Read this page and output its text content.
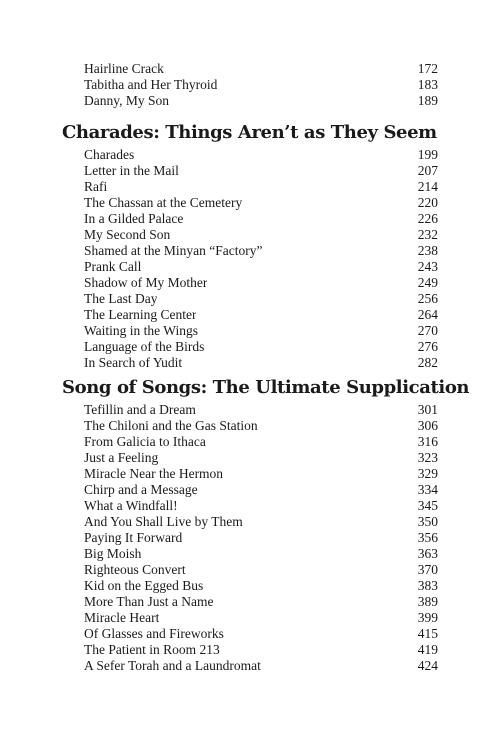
Hairline Crack	172
Tabitha and Her Thyroid	183
Danny, My Son	189
Charades: Things Aren’t as They Seem
Charades	199
Letter in the Mail	207
Rafi	214
The Chassan at the Cemetery	220
In a Gilded Palace	226
My Second Son	232
Shamed at the Minyan “Factory”	238
Prank Call	243
Shadow of My Mother	249
The Last Day	256
The Learning Center	264
Waiting in the Wings	270
Language of the Birds	276
In Search of Yudit	282
Song of Songs: The Ultimate Supplication
Tefillin and a Dream	301
The Chiloni and the Gas Station	306
From Galicia to Ithaca	316
Just a Feeling	323
Miracle Near the Hermon	329
Chirp and a Message	334
What a Windfall!	345
And You Shall Live by Them	350
Paying It Forward	356
Big Moish	363
Righteous Convert	370
Kid on the Egged Bus	383
More Than Just a Name	389
Miracle Heart	399
Of Glasses and Fireworks	415
The Patient in Room 213	419
A Sefer Torah and a Laundromat	424
